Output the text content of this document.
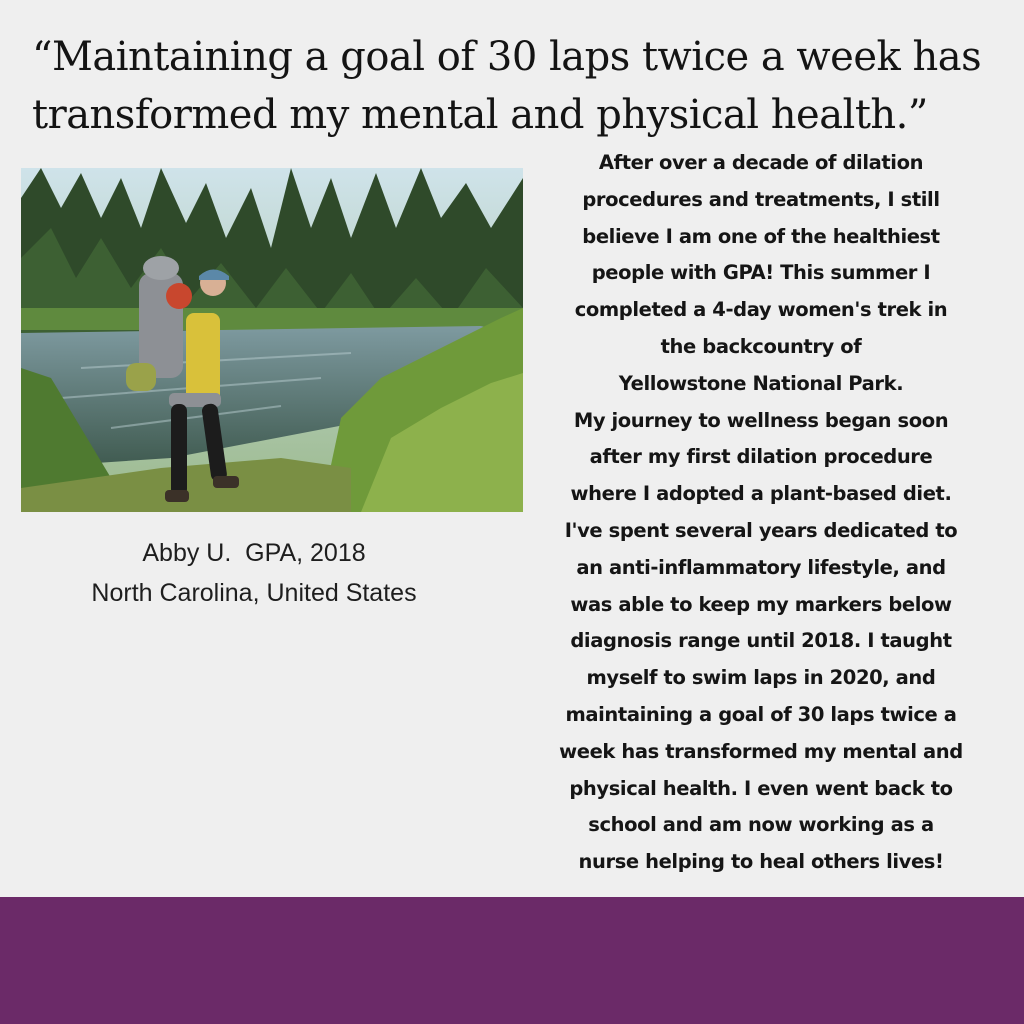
“Maintaining a goal of 30 laps twice a week has
transformed my mental and physical health.”
Abby U.  GPA, 2018
North Carolina, United States
After over a decade of dilation
procedures and treatments, I still
believe I am one of the healthiest
people with GPA! This summer I
completed a 4-day women's trek in
the backcountry of
Yellowstone National Park.
My journey to wellness began soon
after my first dilation procedure
where I adopted a plant-based diet.
I've spent several years dedicated to
an anti-inflammatory lifestyle, and
was able to keep my markers below
diagnosis range until 2018. I taught
myself to swim laps in 2020, and
maintaining a goal of 30 laps twice a
week has transformed my mental and
physical health. I even went back to
school and am now working as a
nurse helping to heal others lives!
